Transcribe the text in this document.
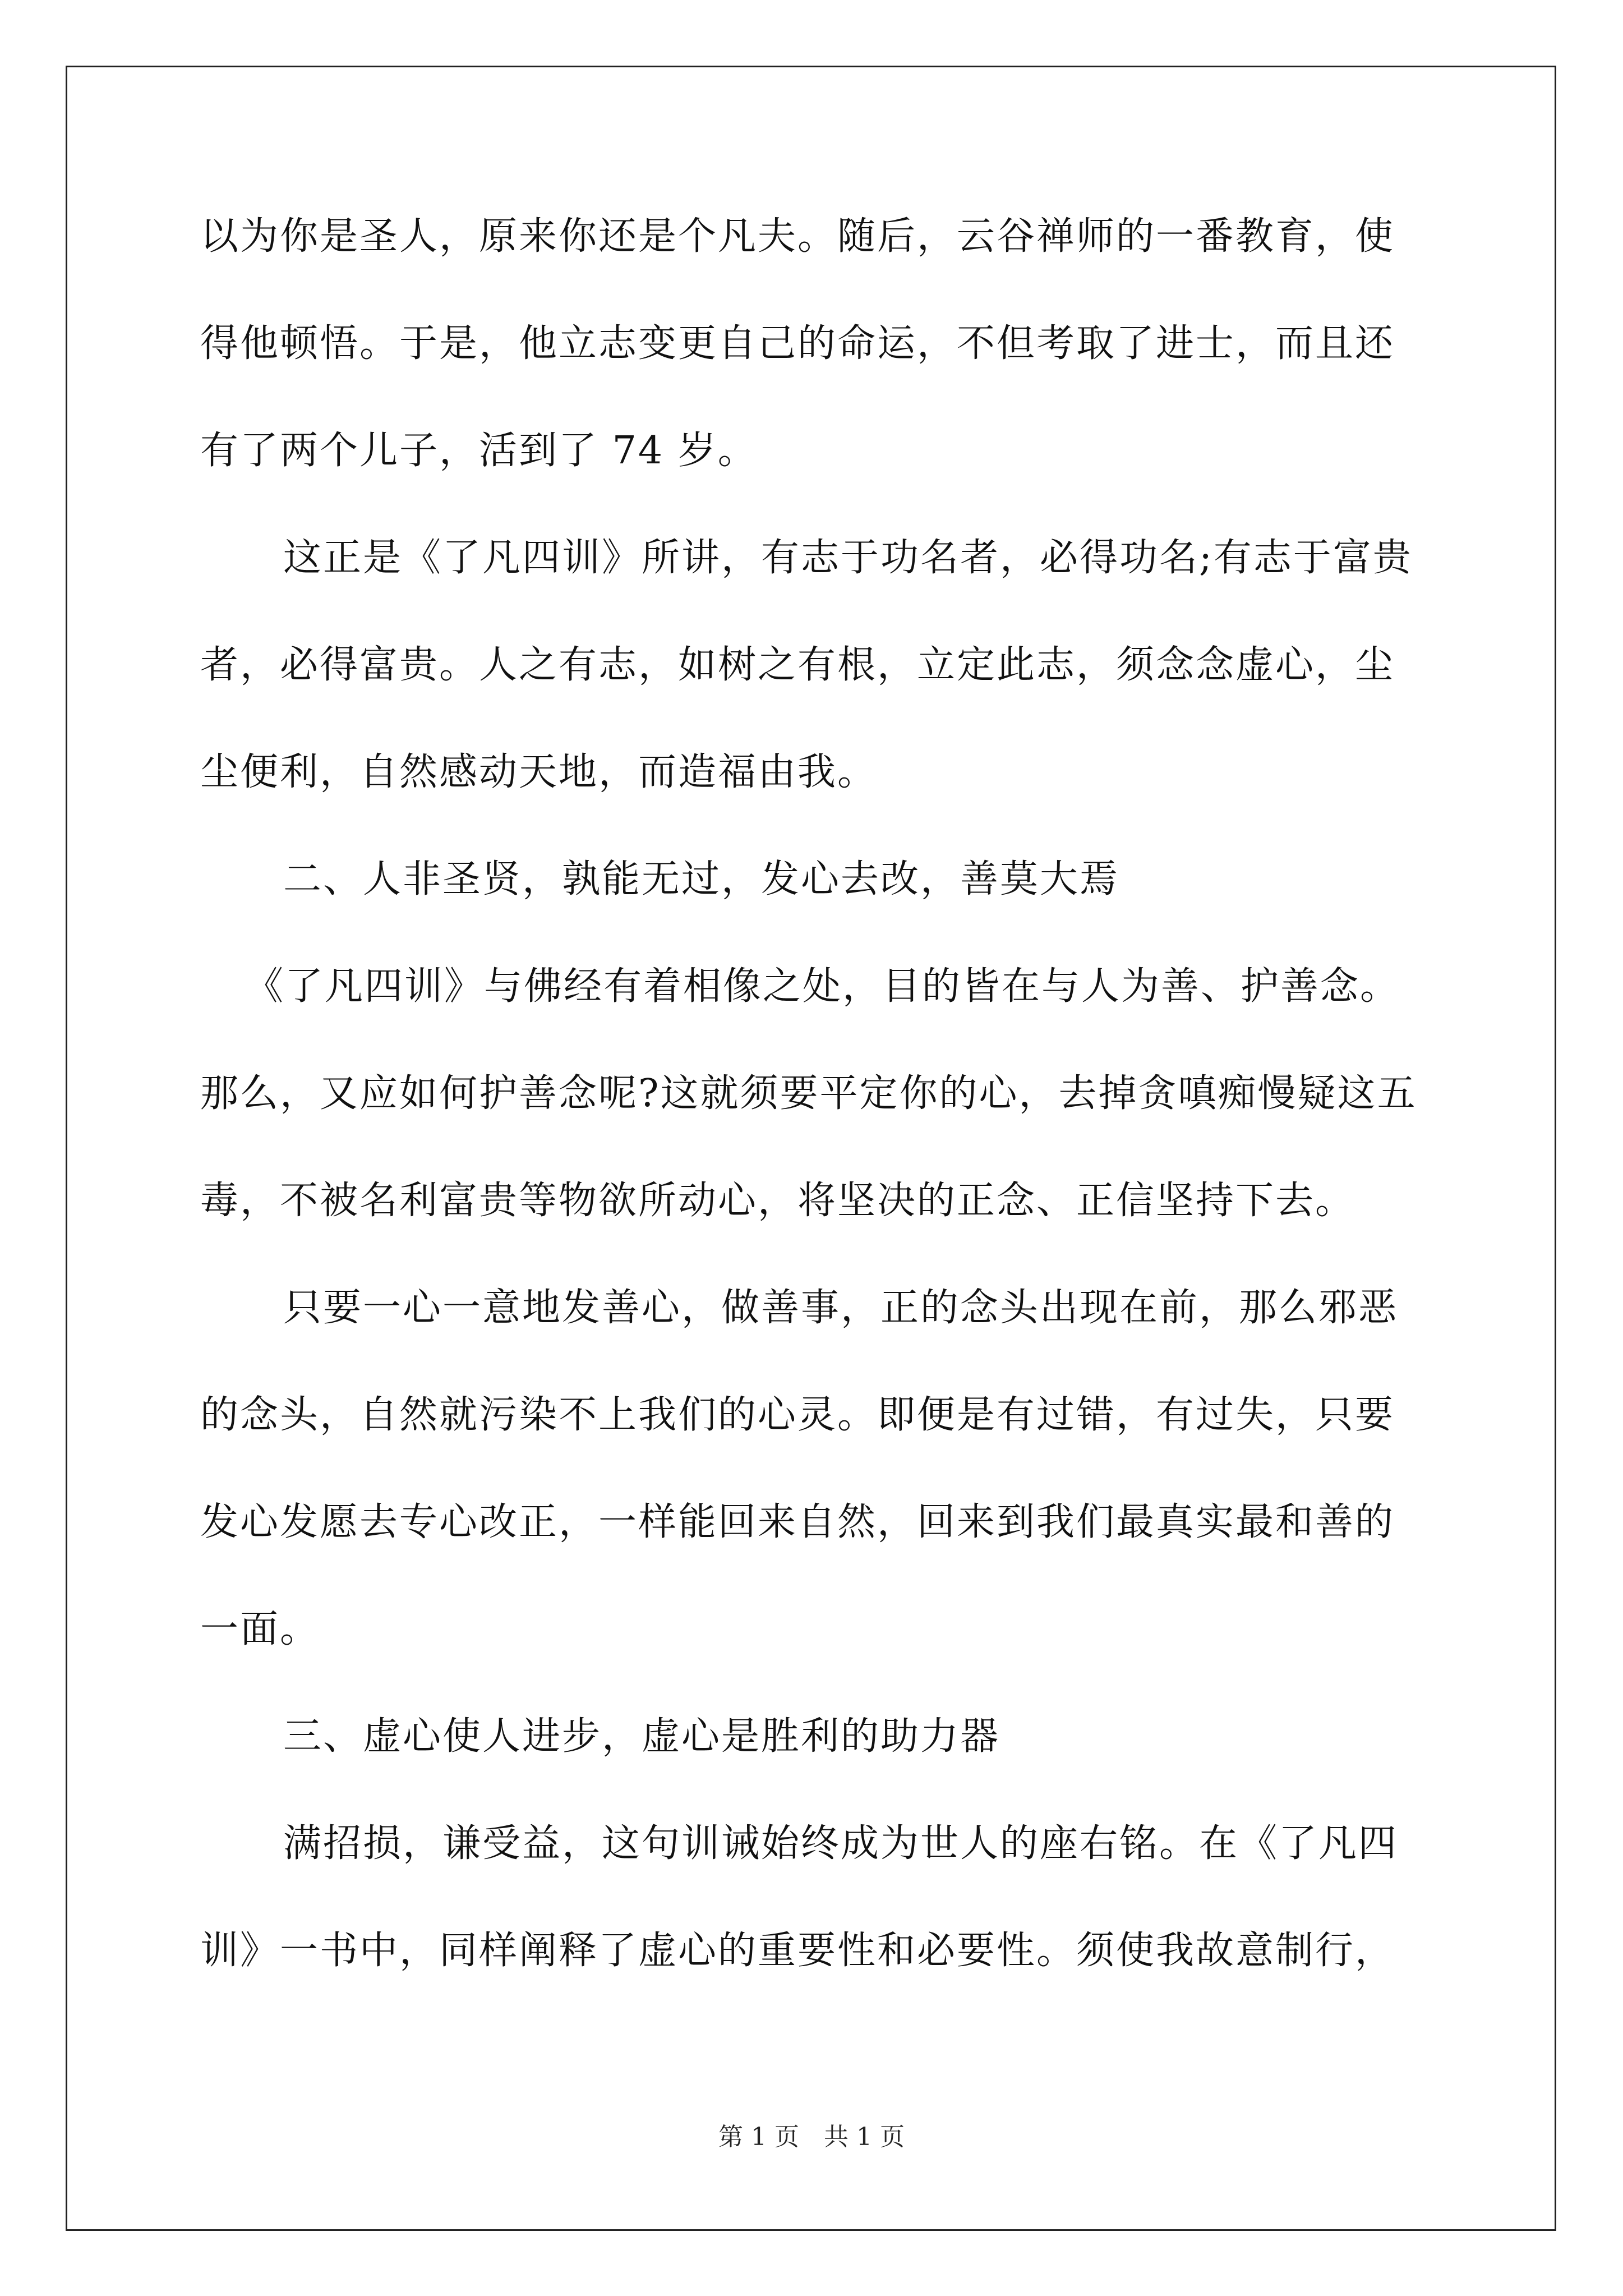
以为你是圣人，原来你还是个凡夫。随后，云谷禅师的一番教育，使
得他顿悟。于是，他立志变更自己的命运，不但考取了进士，而且还
有了两个儿子，活到了 74 岁。
这正是《了凡四训》所讲，有志于功名者，必得功名;有志于富贵
者，必得富贵。人之有志，如树之有根，立定此志，须念念虚心，尘
尘便利，自然感动天地，而造福由我。
二、人非圣贤，孰能无过，发心去改，善莫大焉
《了凡四训》与佛经有着相像之处，目的皆在与人为善、护善念。
那么，又应如何护善念呢?这就须要平定你的心，去掉贪嗔痴慢疑这五
毒，不被名利富贵等物欲所动心，将坚决的正念、正信坚持下去。
只要一心一意地发善心，做善事，正的念头出现在前，那么邪恶
的念头，自然就污染不上我们的心灵。即便是有过错，有过失，只要
发心发愿去专心改正，一样能回来自然，回来到我们最真实最和善的
一面。
三、虚心使人进步，虚心是胜利的助力器
满招损，谦受益，这句训诫始终成为世人的座右铭。在《了凡四
训》一书中，同样阐释了虚心的重要性和必要性。须使我故意制行，
第 1 页　共 1 页
